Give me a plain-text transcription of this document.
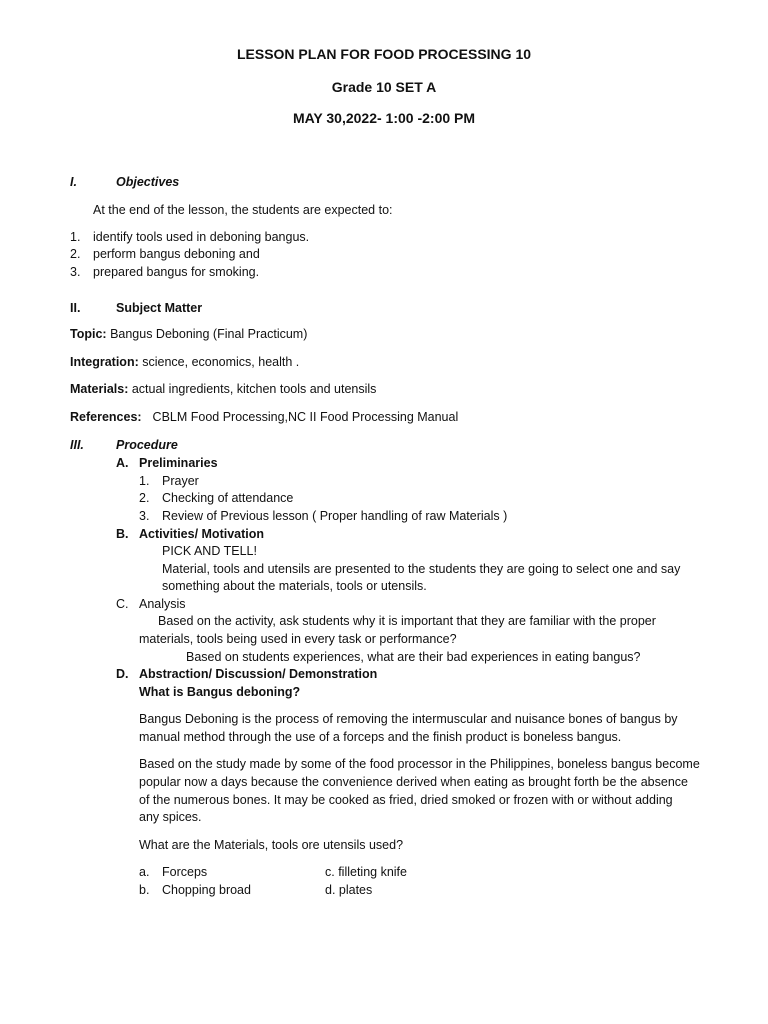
LESSON PLAN FOR FOOD PROCESSING 10
Grade 10 SET A
MAY 30,2022- 1:00 -2:00 PM
I.	Objectives
At the end of the lesson, the students are expected to:
1. identify tools used in deboning bangus.
2. perform bangus deboning and
3. prepared bangus for smoking.
II.	Subject Matter
Topic: Bangus Deboning (Final Practicum)
Integration: science, economics, health .
Materials: actual ingredients, kitchen tools and utensils
References: CBLM Food Processing,NC II Food Processing Manual
III.	Procedure
A. Preliminaries
1. Prayer
2. Checking of attendance
3. Review of Previous lesson ( Proper handling of raw Materials )
B. Activities/ Motivation
PICK AND TELL!
Material, tools and utensils are presented to the students they are going to select one and say
something about the materials, tools or utensils.
C. Analysis
Based on the activity, ask students why it is important that they are familiar with the proper
materials, tools being used in every task or performance?
Based on students experiences, what are their bad experiences in eating bangus?
D. Abstraction/ Discussion/ Demonstration
What is Bangus deboning?
Bangus Deboning is the process of removing the intermuscular and nuisance bones of bangus by
manual method through the use of a forceps and the finish product is boneless bangus.
Based on the study made by some of the food processor in the Philippines, boneless bangus become
popular now a days because the convenience derived when eating as brought forth be the absence
of the numerous bones. It may be cooked as fried, dried smoked or frozen with or without adding
any spices.
What are the Materials, tools ore utensils used?
a. Forceps	c. filleting knife
b. Chopping broad	d. plates
